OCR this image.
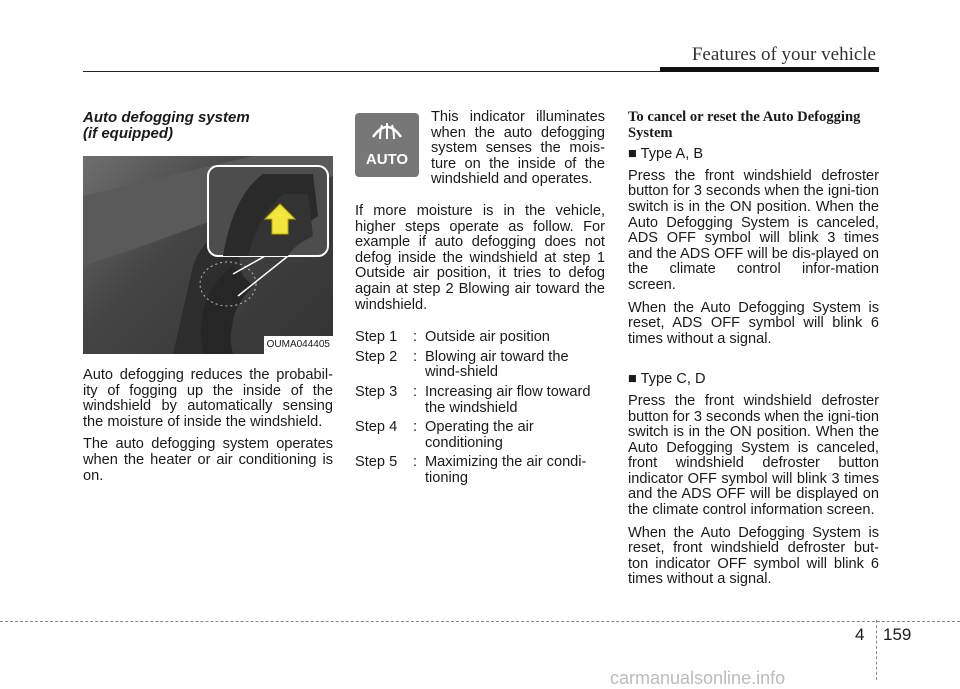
Features of your vehicle
Auto defogging system
(if equipped)
OUMA044405

Auto defogging reduces the probabil-ity of fogging up the inside of the windshield by automatically sensing the moisture of inside the windshield.

The auto defogging system operates when the heater or air conditioning is on.

AUTO
This indicator illuminates when the auto defogging system senses the mois-ture on the inside of the windshield and operates.

If more moisture is in the vehicle, higher steps operate as follow. For example if auto defogging does not defog inside the windshield at step 1 Outside air position, it tries to defog again at step 2 Blowing air toward the windshield.

Step 1	: Outside air position
Step 2	: Blowing air toward the wind-shield
Step 3	: Increasing air flow toward the windshield
Step 4	: Operating the air conditioning
Step 5	: Maximizing the air condi-tioning
To cancel or reset the Auto Defogging System
■ Type A, B

Press the front windshield defroster button for 3 seconds when the igni-tion switch is in the ON position. When the Auto Defogging System is canceled, ADS OFF symbol will blink 3 times and the ADS OFF will be dis-played on the climate control infor-mation screen.

When the Auto Defogging System is reset, ADS OFF symbol will blink 6 times without a signal.

■ Type C, D

Press the front windshield defroster button for 3 seconds when the igni-tion switch is in the ON position. When the Auto Defogging System is canceled, front windshield defroster button indicator OFF symbol will blink 3 times and the ADS OFF will be displayed on the climate control information screen.

When the Auto Defogging System is reset, front windshield defroster but-ton indicator OFF symbol will blink 6 times without a signal.

4 159
carmanualsonline.info
